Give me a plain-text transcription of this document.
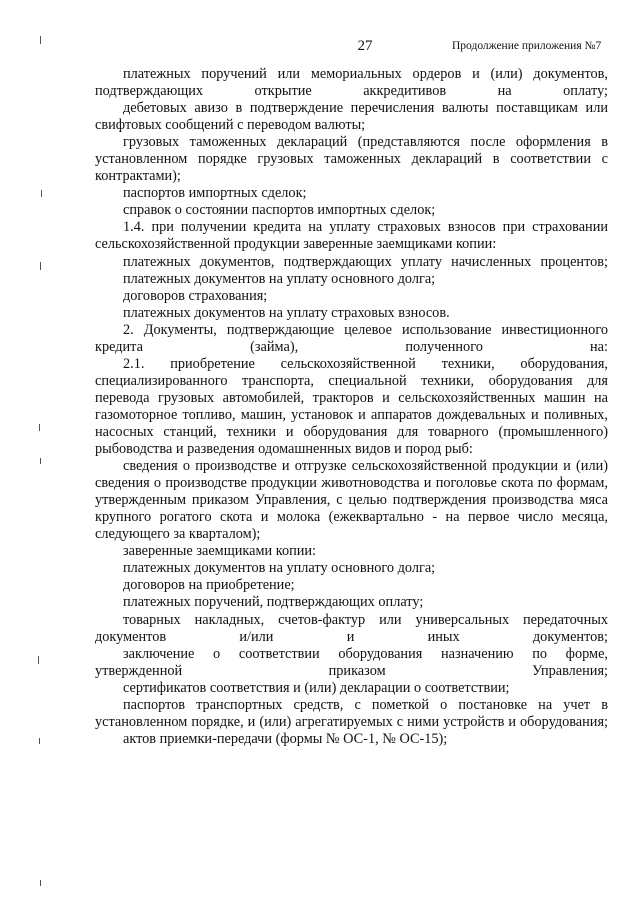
27	Продолжение приложения №7

платежных поручений или мемориальных ордеров и (или) документов, подтверждающих открытие аккредитивов на оплату;

дебетовых авизо в подтверждение перечисления валюты поставщикам или свифтовых сообщений с переводом валюты;

грузовых таможенных деклараций (представляются после оформления в установленном порядке грузовых таможенных деклараций в соответствии с контрактами);

паспортов импортных сделок;

справок о состоянии паспортов импортных сделок;

1.4. при получении кредита на уплату страховых взносов при страховании сельскохозяйственной продукции заверенные заемщиками копии:

платежных документов, подтверждающих уплату начисленных процентов;

платежных документов на уплату основного долга;

договоров страхования;

платежных документов на уплату страховых взносов.

2. Документы, подтверждающие целевое использование инвестиционного кредита (займа), полученного на:

2.1. приобретение сельскохозяйственной техники, оборудования, специализированного транспорта, специальной техники, оборудования для перевода грузовых автомобилей, тракторов и сельскохозяйственных машин на газомоторное топливо, машин, установок и аппаратов дождевальных и поливных, насосных станций, техники и оборудования для товарного (промышленного) рыбоводства и разведения одомашненных видов и пород рыб:

сведения о производстве и отгрузке сельскохозяйственной продукции и (или) сведения о производстве продукции животноводства и поголовье скота по формам, утвержденным приказом Управления, с целью подтверждения производства мяса крупного рогатого скота и молока (ежеквартально - на первое число месяца, следующего за кварталом);

заверенные заемщиками копии:

платежных документов на уплату основного долга;

договоров на приобретение;

платежных поручений, подтверждающих оплату;

товарных накладных, счетов-фактур или универсальных передаточных документов и/или и иных документов;

заключение о соответствии оборудования назначению по форме, утвержденной приказом Управления;

сертификатов соответствия и (или) декларации о соответствии;

паспортов транспортных средств, с пометкой о постановке на учет в установленном порядке, и (или) агрегатируемых с ними устройств и оборудования;

актов приемки-передачи (формы № ОС-1, № ОС-15);
